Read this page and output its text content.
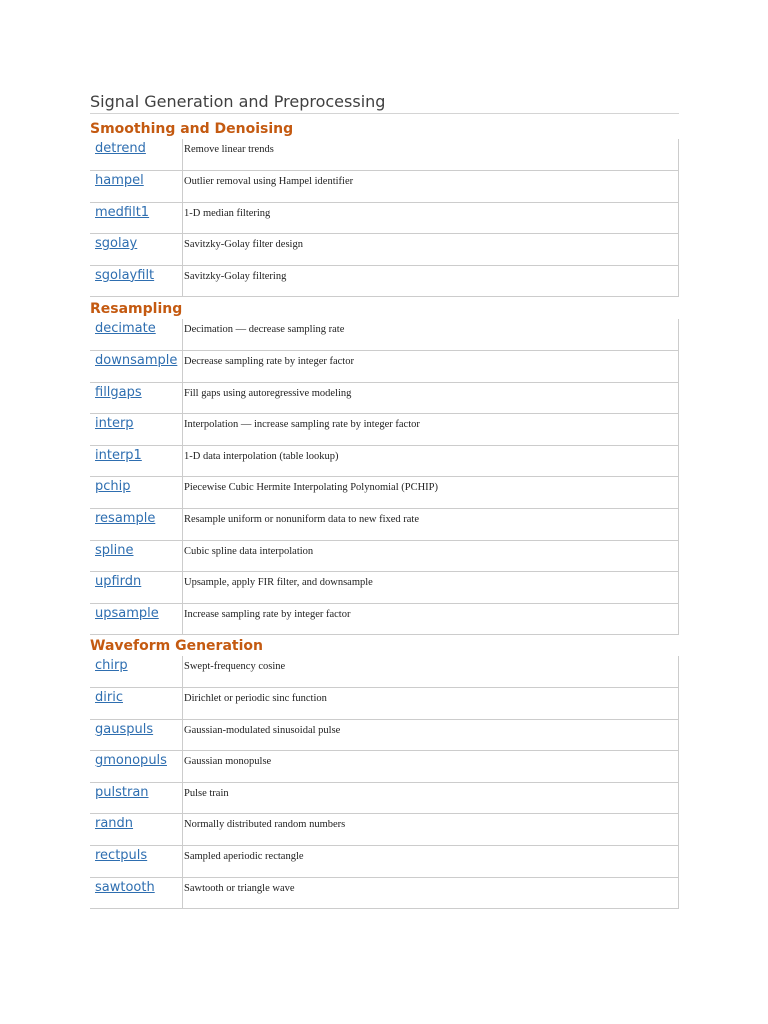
Signal Generation and Preprocessing
Smoothing and Denoising
detrend	Remove linear trends
hampel	Outlier removal using Hampel identifier
medfilt1	1-D median filtering
sgolay	Savitzky-Golay filter design
sgolayfilt	Savitzky-Golay filtering
Resampling
decimate	Decimation — decrease sampling rate
downsample	Decrease sampling rate by integer factor
fillgaps	Fill gaps using autoregressive modeling
interp	Interpolation — increase sampling rate by integer factor
interp1	1-D data interpolation (table lookup)
pchip	Piecewise Cubic Hermite Interpolating Polynomial (PCHIP)
resample	Resample uniform or nonuniform data to new fixed rate
spline	Cubic spline data interpolation
upfirdn	Upsample, apply FIR filter, and downsample
upsample	Increase sampling rate by integer factor
Waveform Generation
chirp	Swept-frequency cosine
diric	Dirichlet or periodic sinc function
gauspuls	Gaussian-modulated sinusoidal pulse
gmonopuls	Gaussian monopulse
pulstran	Pulse train
randn	Normally distributed random numbers
rectpuls	Sampled aperiodic rectangle
sawtooth	Sawtooth or triangle wave
